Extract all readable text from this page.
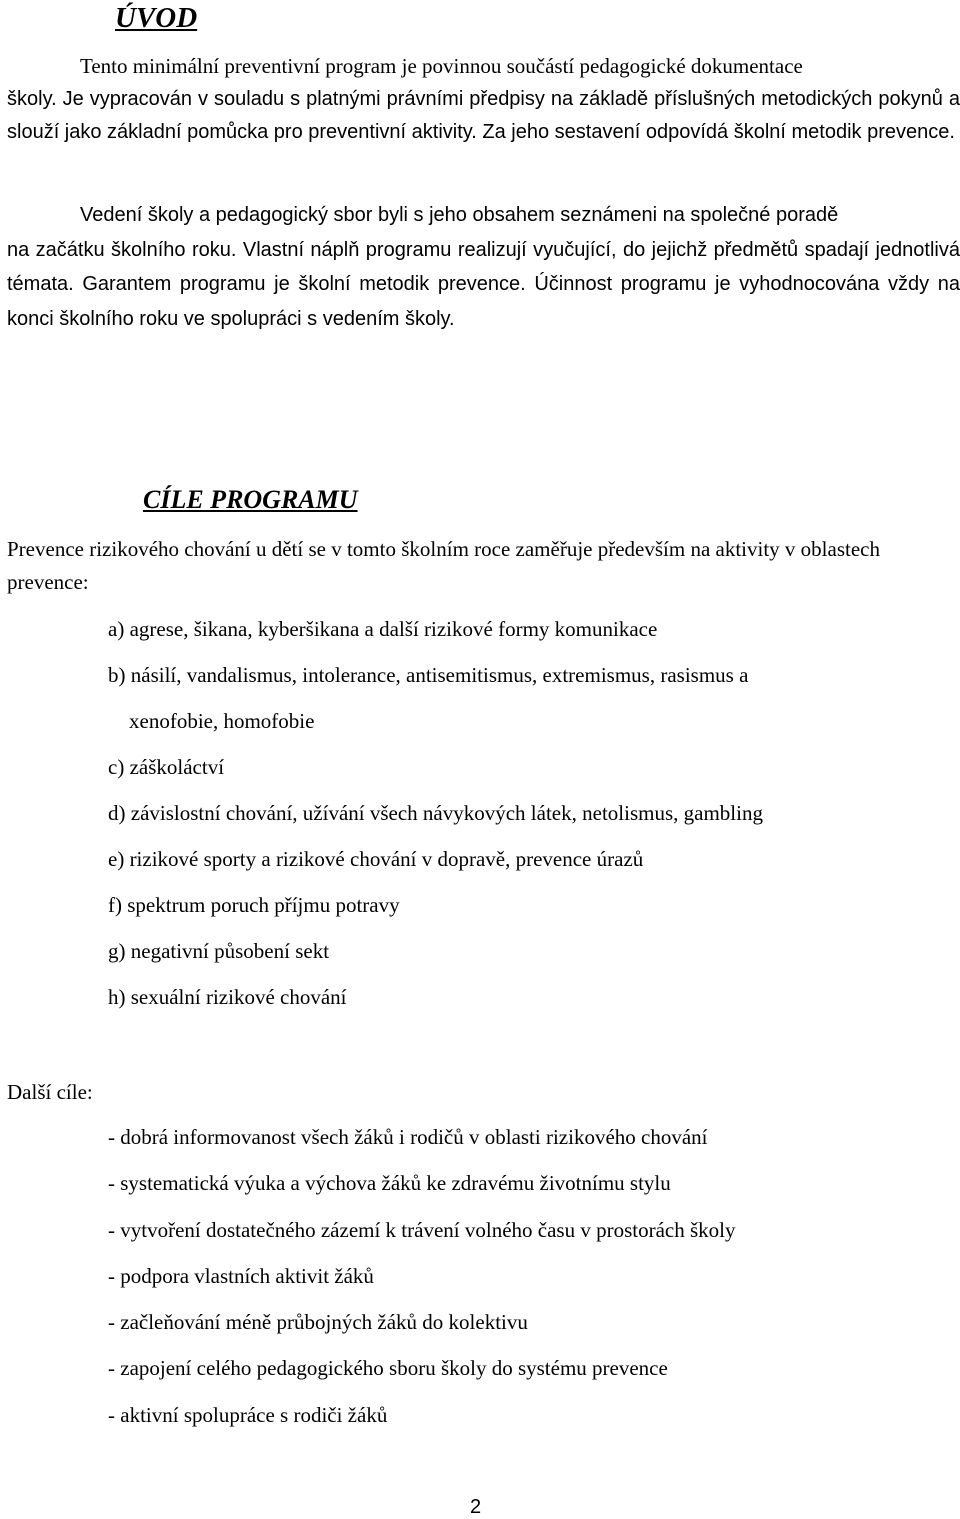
ÚVOD

Tento minimální preventivní program je povinnou součástí pedagogické dokumentace
školy. Je vypracován v souladu s platnými právními předpisy na základě příslušných metodických pokynů a slouží jako základní pomůcka pro preventivní aktivity. Za jeho sestavení odpovídá školní metodik prevence.

Vedení školy a pedagogický sbor byli s jeho obsahem seznámeni na společné poradě
na začátku školního roku. Vlastní náplň programu realizují vyučující, do jejichž předmětů spadají jednotlivá témata. Garantem programu je školní metodik prevence. Účinnost programu je vyhodnocována vždy na konci školního roku ve spolupráci s vedením školy.

CÍLE PROGRAMU

Prevence rizikového chování u dětí se v tomto školním roce zaměřuje především na aktivity v oblastech prevence:

a) agrese, šikana, kyberšikana a další rizikové formy komunikace
b) násilí, vandalismus, intolerance, antisemitismus, extremismus, rasismus a
xenofobie, homofobie
c) záškoláctví
d) závislostní chování, užívání všech návykových látek, netolismus, gambling
e) rizikové sporty a rizikové chování v dopravě, prevence úrazů
f) spektrum poruch příjmu potravy
g) negativní působení sekt
h) sexuální rizikové chování

Další cíle:

- dobrá informovanost všech žáků i rodičů v oblasti rizikového chování
- systematická výuka a výchova žáků ke zdravému životnímu stylu
- vytvoření dostatečného zázemí k trávení volného času v prostorách školy
- podpora vlastních aktivit žáků
- začleňování méně průbojných žáků do kolektivu
- zapojení celého pedagogického sboru školy do systému prevence
- aktivní spolupráce s rodiči žáků

2
